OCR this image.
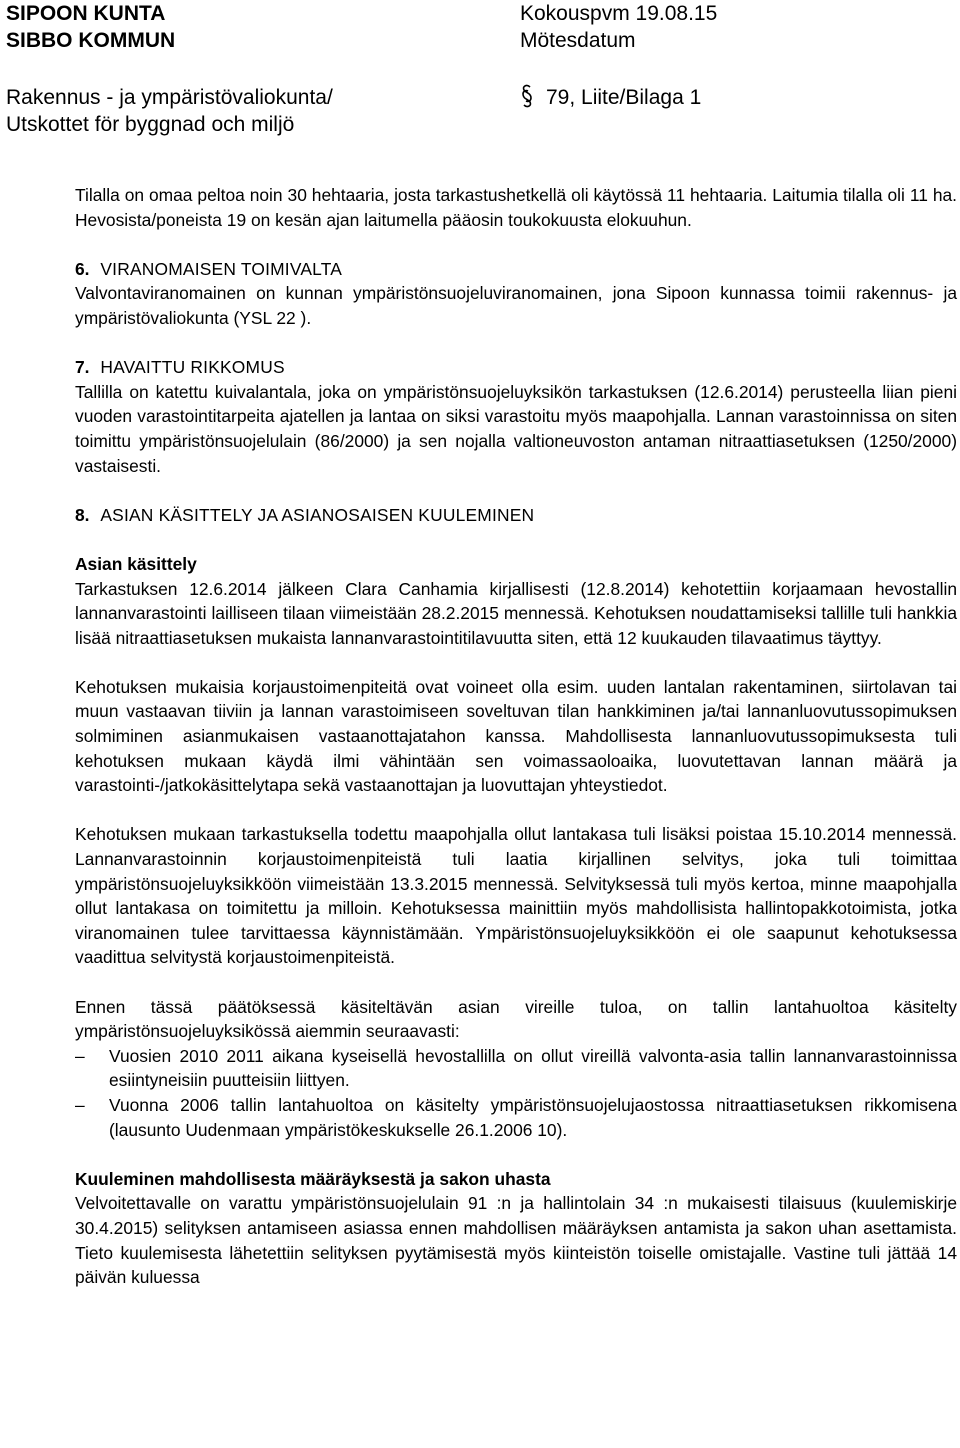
SIPOON KUNTA
SIBBO KOMMUN
Kokouspvm 19.08.15
Mötesdatum
Rakennus - ja ympäristövaliokunta/
Utskottet för byggnad och miljö
79, Liite/Bilaga 1

Tilalla on omaa peltoa noin 30 hehtaaria, josta tarkastushetkellä oli käytössä 11 hehtaaria. Laitumia tilalla oli 11 ha. Hevosista/poneista 19 on kesän ajan laitumella pääosin toukokuusta elokuuhun.

6. VIRANOMAISEN TOIMIVALTA

Valvontaviranomainen on kunnan ympäristönsuojeluviranomainen, jona Sipoon kunnassa toimii rakennus- ja ympäristövaliokunta (YSL 22 ).

7. HAVAITTU RIKKOMUS

Tallilla on katettu kuivalantala, joka on ympäristönsuojeluyksikön tarkastuksen (12.6.2014) perusteella liian pieni vuoden varastointitarpeita ajatellen ja lantaa on siksi varastoitu myös maapohjalla. Lannan varastoinnissa on siten toimittu ympäristönsuojelulain (86/2000) ja sen nojalla valtioneuvoston antaman nitraattiasetuksen (1250/2000) vastaisesti.

8. ASIAN KÄSITTELY JA ASIANOSAISEN KUULEMINEN

Asian käsittely

Tarkastuksen 12.6.2014 jälkeen Clara Canhamia kirjallisesti (12.8.2014) kehotettiin korjaamaan hevostallin lannanvarastointi lailliseen tilaan viimeistään 28.2.2015 mennessä. Kehotuksen noudattamiseksi tallille tuli hankkia lisää nitraattiasetuksen mukaista lannanvarastointitilavuutta siten, että 12 kuukauden tilavaatimus täyttyy.

Kehotuksen mukaisia korjaustoimenpiteitä ovat voineet olla esim. uuden lantalan rakentaminen, siirtolavan tai muun vastaavan tiiviin ja lannan varastoimiseen soveltuvan tilan hankkiminen ja/tai lannanluovutussopimuksen solmiminen asianmukaisen vastaanottajatahon kanssa. Mahdollisesta lannanluovutussopimuksesta tuli kehotuksen mukaan käydä ilmi vähintään sen voimassaoloaika, luovutettavan lannan määrä ja varastointi-/jatkokäsittelytapa sekä vastaanottajan ja luovuttajan yhteystiedot.

Kehotuksen mukaan tarkastuksella todettu maapohjalla ollut lantakasa tuli lisäksi poistaa 15.10.2014 mennessä. Lannanvarastoinnin korjaustoimenpiteistä tuli laatia kirjallinen selvitys, joka tuli toimittaa ympäristönsuojeluyksikköön viimeistään 13.3.2015 mennessä. Selvityksessä tuli myös kertoa, minne maapohjalla ollut lantakasa on toimitettu ja milloin. Kehotuksessa mainittiin myös mahdollisista hallintopakkotoimista, jotka viranomainen tulee tarvittaessa käynnistämään. Ympäristönsuojeluyksikköön ei ole saapunut kehotuksessa vaadittua selvitystä korjaustoimenpiteistä.

Ennen tässä päätöksessä käsiteltävän asian vireille tuloa, on tallin lantahuoltoa käsitelty ympäristönsuojeluyksikössä aiemmin seuraavasti:

– Vuosien 2010 2011 aikana kyseisellä hevostallilla on ollut vireillä valvonta-asia tallin lannanvarastoinnissa esiintyneisiin puutteisiin liittyen.

– Vuonna 2006 tallin lantahuoltoa on käsitelty ympäristönsuojelujaostossa nitraattiasetuksen rikkomisena (lausunto Uudenmaan ympäristökeskukselle 26.1.2006 10).

Kuuleminen mahdollisesta määräyksestä ja sakon uhasta

Velvoitettavalle on varattu ympäristönsuojelulain 91 :n ja hallintolain 34 :n mukaisesti tilaisuus (kuulemiskirje 30.4.2015) selityksen antamiseen asiassa ennen mahdollisen määräyksen antamista ja sakon uhan asettamista. Tieto kuulemisesta lähetettiin selityksen pyytämisestä myös kiinteistön toiselle omistajalle. Vastine tuli jättää 14 päivän kuluessa
